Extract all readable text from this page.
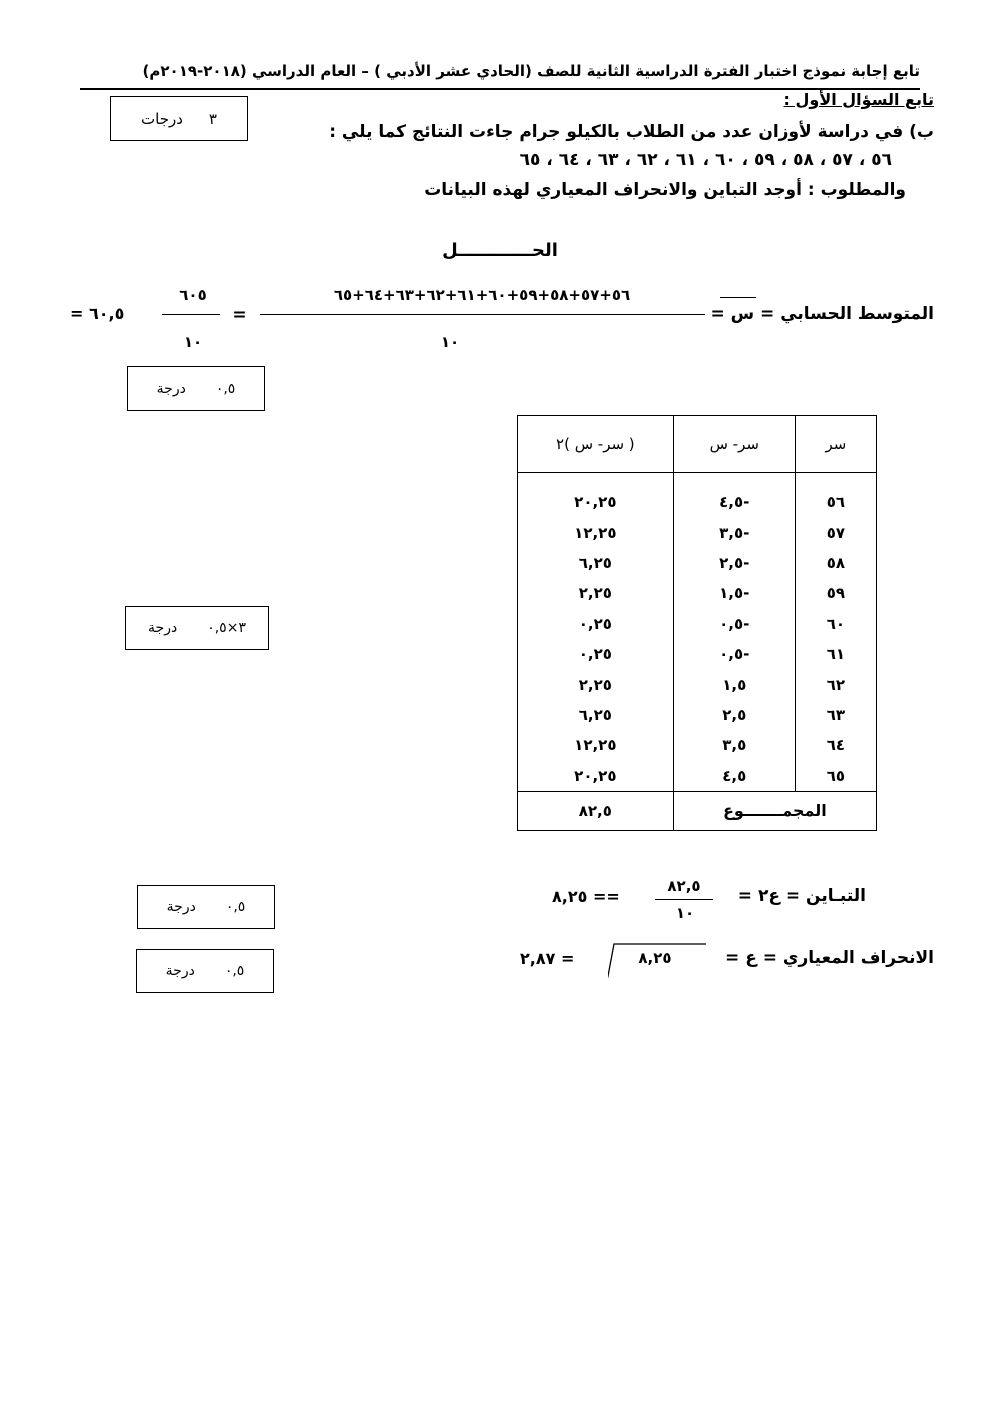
تابع إجابة نموذج اختبار الفترة الدراسية الثانية للصف (الحادي عشر الأدبي ) – العام الدراسي (٢٠١٨-٢٠١٩م)
تابع السؤال الأول :
٣
درجات
ب) في دراسة لأوزان عدد من الطلاب بالكيلو جرام جاءت النتائج كما يلي :
٥٦ ، ٥٧ ، ٥٨ ، ٥٩ ، ٦٠ ، ٦١ ، ٦٢ ، ٦٣ ، ٦٤ ، ٦٥
والمطلوب : أوجد التباين والانحراف المعياري لهذه البيانات
الحــــــــــــل
المتوسط الحسابي = س =
٥٦+٥٧+٥٨+٥٩+٦٠+٦١+٦٢+٦٣+٦٤+٦٥
١٠
=
٦٠٥
١٠
٦٠,٥ =
٠,٥
درجة
سر	سر- س	( سر- س )٢
٥٦	-٤,٥	٢٠,٢٥
٥٧	-٣,٥	١٢,٢٥
٥٨	-٢,٥	٦,٢٥
٥٩	-١,٥	٢,٢٥
٦٠	-٠,٥	٠,٢٥
٦١	-٠,٥	٠,٢٥
٦٢	١,٥	٢,٢٥
٦٣	٢,٥	٦,٢٥
٦٤	٣,٥	١٢,٢٥
٦٥	٤,٥	٢٠,٢٥
المجمـــــــوع		٨٢,٥
٣×٠,٥
درجة
التبـاين = ع٢ =
٨٢,٥
١٠
== ٨,٢٥
٠,٥
درجة
الانحراف المعياري = ع =
٨,٢٥
= ٢,٨٧
٠,٥
درجة
